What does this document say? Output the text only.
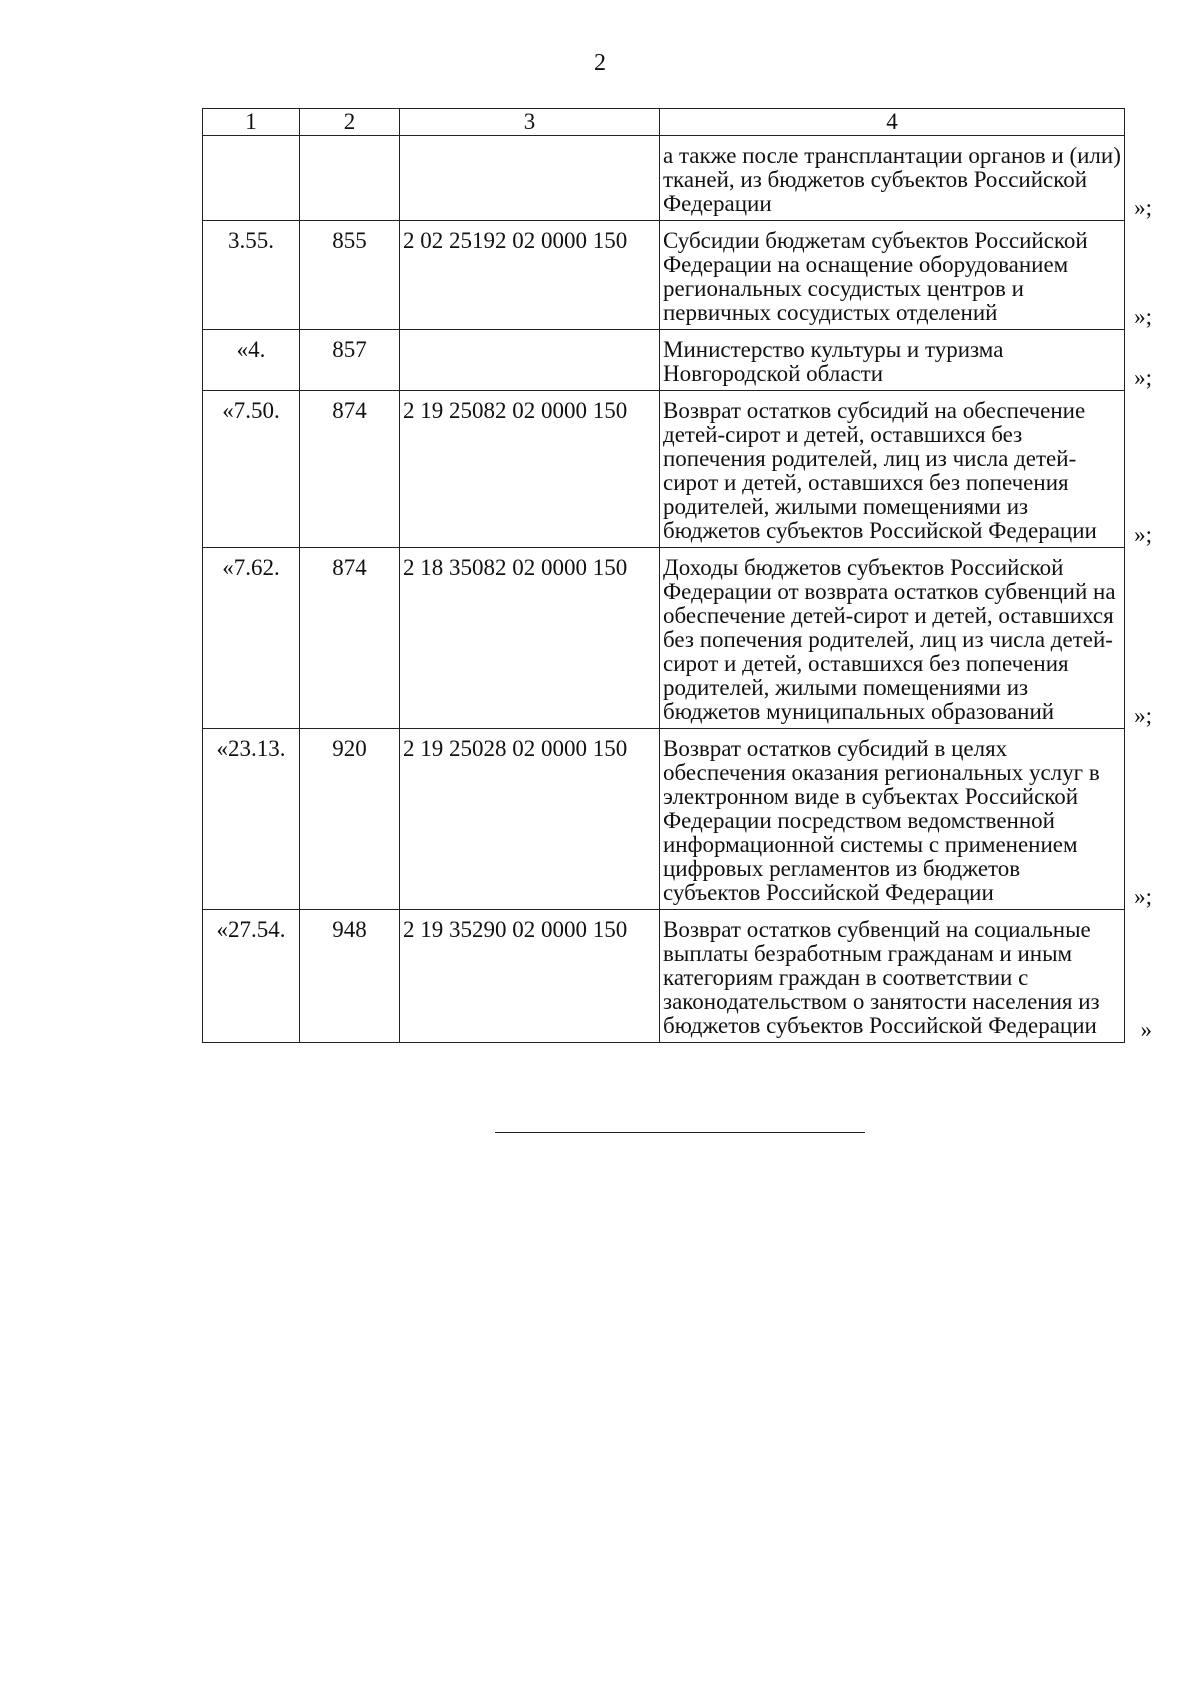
2
1	2	3	4

			а также после трансплантации органов и (или) тканей, из бюджетов субъектов Российской Федерации »;

3.55.	855	2 02 25192 02 0000 150	Субсидии бюджетам субъектов Российской Федерации на оснащение оборудованием региональных сосудистых центров и первичных сосудистых отделений »;

«4.	857		Министерство культуры и туризма Новгородской области »;

«7.50.	874	2 19 25082 02 0000 150	Возврат остатков субсидий на обеспечение детей-сирот и детей, оставшихся без попечения родителей, лиц из числа детей-сирот и детей, оставшихся без попечения родителей, жилыми помещениями из бюджетов субъектов Российской Федерации »;

«7.62.	874	2 18 35082 02 0000 150	Доходы бюджетов субъектов Российской Федерации от возврата остатков субвенций на обеспечение детей-сирот и детей, оставшихся без попечения родителей, лиц из числа детей-сирот и детей, оставшихся без попечения родителей, жилыми помещениями из бюджетов муниципальных образований »;

«23.13.	920	2 19 25028 02 0000 150	Возврат остатков субсидий в целях обеспечения оказания региональных услуг в электронном виде в субъектах Российской Федерации посредством ведомственной информационной системы с применением цифровых регламентов из бюджетов субъектов Российской Федерации »;

«27.54.	948	2 19 35290 02 0000 150	Возврат остатков субвенций на социальные выплаты безработным гражданам и иным категориям граждан в соответствии с законодательством о занятости населения из бюджетов субъектов Российской Федерации »
